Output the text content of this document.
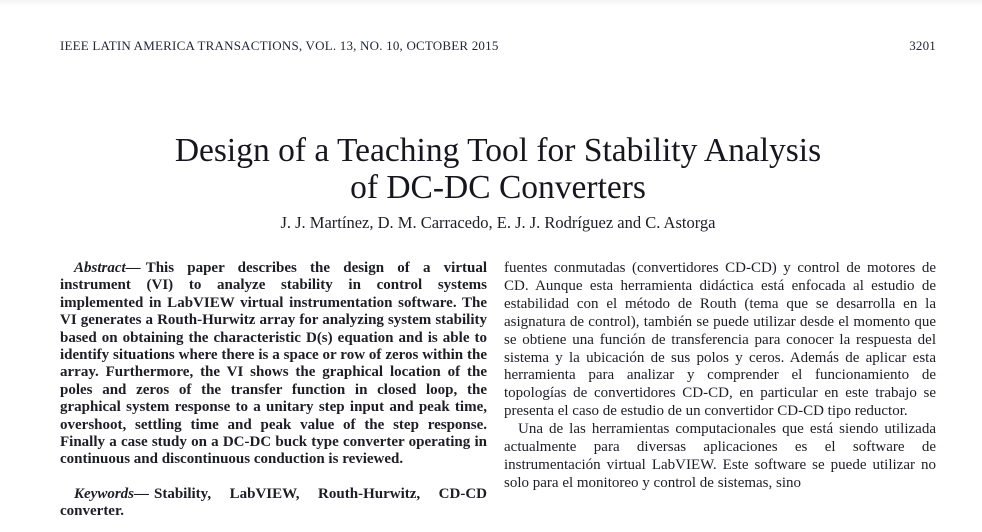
IEEE LATIN AMERICA TRANSACTIONS, VOL. 13, NO. 10, OCTOBER 2015	3201
Design of a Teaching Tool for Stability Analysis
of DC-DC Converters
J. J. Martínez, D. M. Carracedo, E. J. J. Rodríguez and C. Astorga

Abstract— This paper describes the design of a virtual instrument (VI) to analyze stability in control systems implemented in LabVIEW virtual instrumentation software. The VI generates a Routh-Hurwitz array for analyzing system stability based on obtaining the characteristic D(s) equation and is able to identify situations where there is a space or row of zeros within the array. Furthermore, the VI shows the graphical location of the poles and zeros of the transfer function in closed loop, the graphical system response to a unitary step input and peak time, overshoot, settling time and peak value of the step response. Finally a case study on a DC-DC buck type converter operating in continuous and discontinuous conduction is reviewed.

Keywords— Stability, LabVIEW, Routh-Hurwitz, CD-CD converter.

fuentes conmutadas (convertidores CD-CD) y control de motores de CD. Aunque esta herramienta didáctica está enfocada al estudio de estabilidad con el método de Routh (tema que se desarrolla en la asignatura de control), también se puede utilizar desde el momento que se obtiene una función de transferencia para conocer la respuesta del sistema y la ubicación de sus polos y ceros. Además de aplicar esta herramienta para analizar y comprender el funcionamiento de topologías de convertidores CD-CD, en particular en este trabajo se presenta el caso de estudio de un convertidor CD-CD tipo reductor.

Una de las herramientas computacionales que está siendo utilizada actualmente para diversas aplicaciones es el software de instrumentación virtual LabVIEW. Este software se puede utilizar no solo para el monitoreo y control de sistemas, sino
